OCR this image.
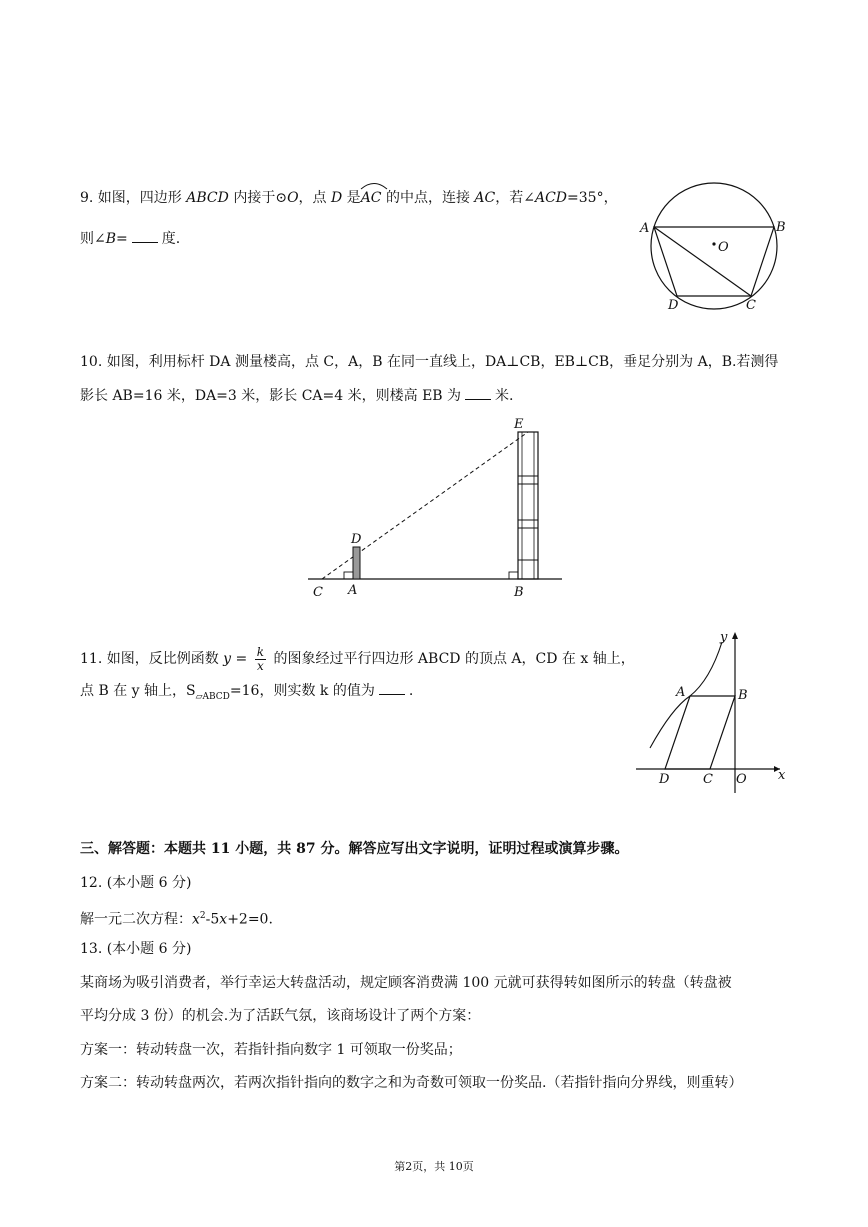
9. 如图，四边形 ABCD 内接于⊙O，点 D 是
AC 的中点，连接 AC，若∠ACD=35°，
则∠B= 度.
A	B
C
D
O
10. 如图，利用标杆 DA 测量楼高，点 C，A，B 在同一直线上，DA⊥CB，EB⊥CB，垂足分别为 A，B.若测得
影长 AB=16 米，DA=3 米，影长 CA=4 米，则楼高 EB 为 米.
C A	B
D
E
11. 如图，反比例函数 $y = \frac{k}{x}$ 的图象经过平行四边形 ABCD 的顶点 A，CD 在 x 轴上，
点 B 在 y 轴上，$S_{▱ABCD}=16$，则实数 k 的值为 .
y
x
A	B
C
D	O
三、解答题：本题共 11 小题，共 87 分。解答应写出文字说明，证明过程或演算步骤。
12. (本小题 6 分)
解一元二次方程：$x^2-5x+2=0$.
13. (本小题 6 分)
某商场为吸引消费者，举行幸运大转盘活动，规定顾客消费满 100 元就可获得转如图所示的转盘（转盘被
平均分成 3 份）的机会.为了活跃气氛，该商场设计了两个方案：
方案一：转动转盘一次，若指针指向数字 1 可领取一份奖品；
方案二：转动转盘两次，若两次指针指向的数字之和为奇数可领取一份奖品.（若指针指向分界线，则重转）
第2页，共 10页
